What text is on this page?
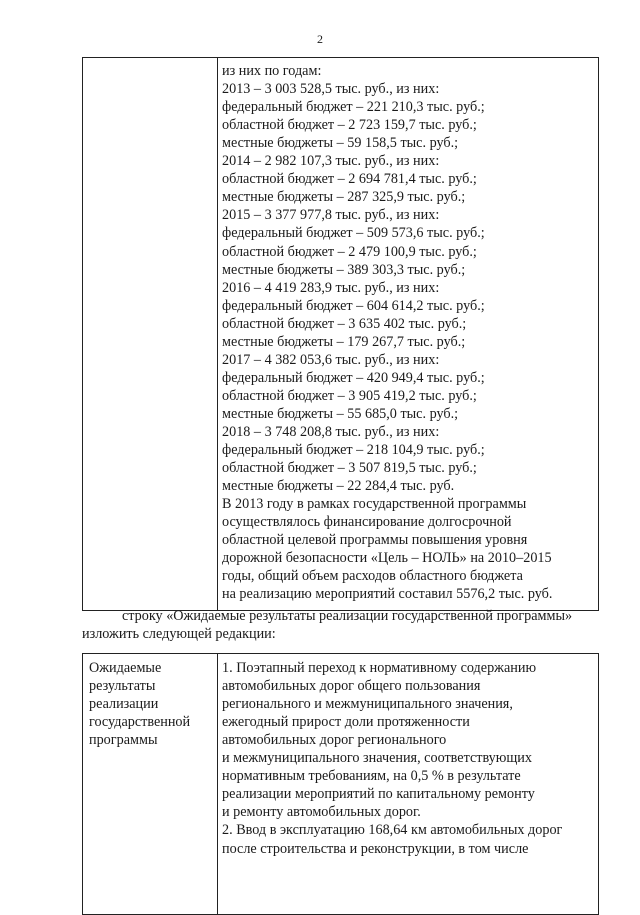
2
из них по годам:
2013 – 3 003 528,5 тыс. руб., из них:
федеральный бюджет – 221 210,3 тыс. руб.;
областной бюджет – 2 723 159,7 тыс. руб.;
местные бюджеты – 59 158,5 тыс. руб.;
2014 – 2 982 107,3 тыс. руб., из них:
областной бюджет – 2 694 781,4 тыс. руб.;
местные бюджеты – 287 325,9 тыс. руб.;
2015 – 3 377 977,8 тыс. руб., из них:
федеральный бюджет – 509 573,6 тыс. руб.;
областной бюджет – 2 479 100,9 тыс. руб.;
местные бюджеты – 389 303,3 тыс. руб.;
2016 – 4 419 283,9 тыс. руб., из них:
федеральный бюджет – 604 614,2 тыс. руб.;
областной бюджет – 3 635 402 тыс. руб.;
местные бюджеты – 179 267,7 тыс. руб.;
2017 – 4 382 053,6 тыс. руб., из них:
федеральный бюджет – 420 949,4 тыс. руб.;
областной бюджет – 3 905 419,2 тыс. руб.;
местные бюджеты – 55 685,0 тыс. руб.;
2018 – 3 748 208,8 тыс. руб., из них:
федеральный бюджет – 218 104,9 тыс. руб.;
областной бюджет – 3 507 819,5 тыс. руб.;
местные бюджеты – 22 284,4 тыс. руб.
В 2013 году в рамках государственной программы
осуществлялось финансирование долгосрочной
областной целевой программы повышения уровня
дорожной безопасности «Цель – НОЛЬ» на 2010–2015
годы, общий объем расходов областного бюджета
на реализацию мероприятий составил 5576,2 тыс. руб.
строку «Ожидаемые результаты реализации государственной программы»
изложить следующей редакции:
Ожидаемые
результаты
реализации
государственной
программы
1. Поэтапный переход к нормативному содержанию
автомобильных дорог общего пользования
регионального и межмуниципального значения,
ежегодный прирост доли протяженности
автомобильных дорог регионального
и межмуниципального значения, соответствующих
нормативным требованиям, на 0,5 % в результате
реализации мероприятий по капитальному ремонту
и ремонту автомобильных дорог.
2. Ввод в эксплуатацию 168,64 км автомобильных дорог
после строительства и реконструкции, в том числе
